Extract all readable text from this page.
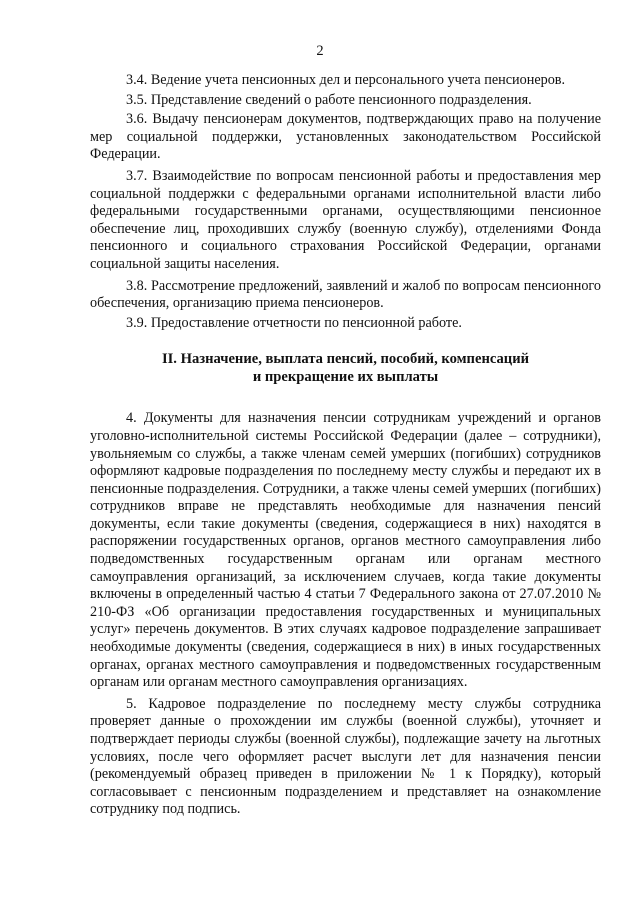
2

3.4. Ведение учета пенсионных дел и персонального учета пенсионеров.

3.5. Представление сведений о работе пенсионного подразделения.

3.6. Выдачу пенсионерам документов, подтверждающих право на получение мер социальной поддержки, установленных законодательством Российской Федерации.

3.7. Взаимодействие по вопросам пенсионной работы и предоставления мер социальной поддержки с федеральными органами исполнительной власти либо федеральными государственными органами, осуществляющими пенсионное обеспечение лиц, проходивших службу (военную службу), отделениями Фонда пенсионного и социального страхования Российской Федерации, органами социальной защиты населения.

3.8. Рассмотрение предложений, заявлений и жалоб по вопросам пенсионного обеспечения, организацию приема пенсионеров.

3.9. Предоставление отчетности по пенсионной работе.

II. Назначение, выплата пенсий, пособий, компенсаций
и прекращение их выплаты

4. Документы для назначения пенсии сотрудникам учреждений и органов уголовно-исполнительной системы Российской Федерации (далее – сотрудники), увольняемым со службы, а также членам семей умерших (погибших) сотрудников оформляют кадровые подразделения по последнему месту службы и передают их в пенсионные подразделения. Сотрудники, а также члены семей умерших (погибших) сотрудников вправе не представлять необходимые для назначения пенсий документы, если такие документы (сведения, содержащиеся в них) находятся в распоряжении государственных органов, органов местного самоуправления либо подведомственных государственным органам или органам местного самоуправления организаций, за исключением случаев, когда такие документы включены в определенный частью 4 статьи 7 Федерального закона от 27.07.2010 № 210-ФЗ «Об организации предоставления государственных и муниципальных услуг» перечень документов. В этих случаях кадровое подразделение запрашивает необходимые документы (сведения, содержащиеся в них) в иных государственных органах, органах местного самоуправления и подведомственных государственным органам или органам местного самоуправления организациях.

5. Кадровое подразделение по последнему месту службы сотрудника проверяет данные о прохождении им службы (военной службы), уточняет и подтверждает периоды службы (военной службы), подлежащие зачету на льготных условиях, после чего оформляет расчет выслуги лет для назначения пенсии (рекомендуемый образец приведен в приложении № 1 к Порядку), который согласовывает с пенсионным подразделением и представляет на ознакомление сотруднику под подпись.
